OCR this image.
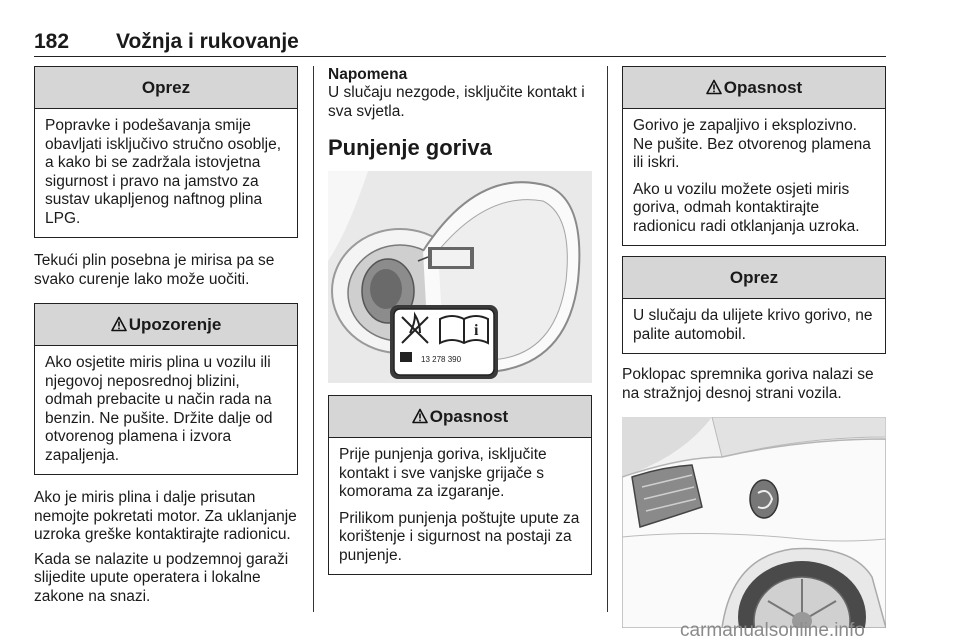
182 Vožnja i rukovanje
Oprez

Popravke i podešavanja smije obavljati isključivo stručno osoblje, a kako bi se zadržala istovjetna sigurnost i pravo na jamstvo za sustav ukapljenog naftnog plina LPG.

Tekući plin posebna je mirisa pa se svako curenje lako može uočiti.

Upozorenje

Ako osjetite miris plina u vozilu ili njegovoj neposrednoj blizini, odmah prebacite u način rada na benzin. Ne pušite. Držite dalje od otvorenog plamena i izvora zapaljenja.

Ako je miris plina i dalje prisutan nemojte pokretati motor. Za uklanjanje uzroka greške kontaktirajte radionicu.

Kada se nalazite u podzemnoj garaži slijedite upute operatera i lokalne zakone na snazi.

Napomena

U slučaju nezgode, isključite kontakt i sva svjetla.

Punjenje goriva
i
13 278 390
Opasnost

Prije punjenja goriva, isključite kontakt i sve vanjske grijače s komorama za izgaranje.

Prilikom punjenja poštujte upute za korištenje i sigurnost na postaji za punjenje.

Opasnost

Gorivo je zapaljivo i eksplozivno. Ne pušite. Bez otvorenog plamena ili iskri.

Ako u vozilu možete osjeti miris goriva, odmah kontaktirajte radionicu radi otklanjanja uzroka.

Oprez

U slučaju da ulijete krivo gorivo, ne palite automobil.

Poklopac spremnika goriva nalazi se na stražnjoj desnoj strani vozila.

carmanualsonline.info
